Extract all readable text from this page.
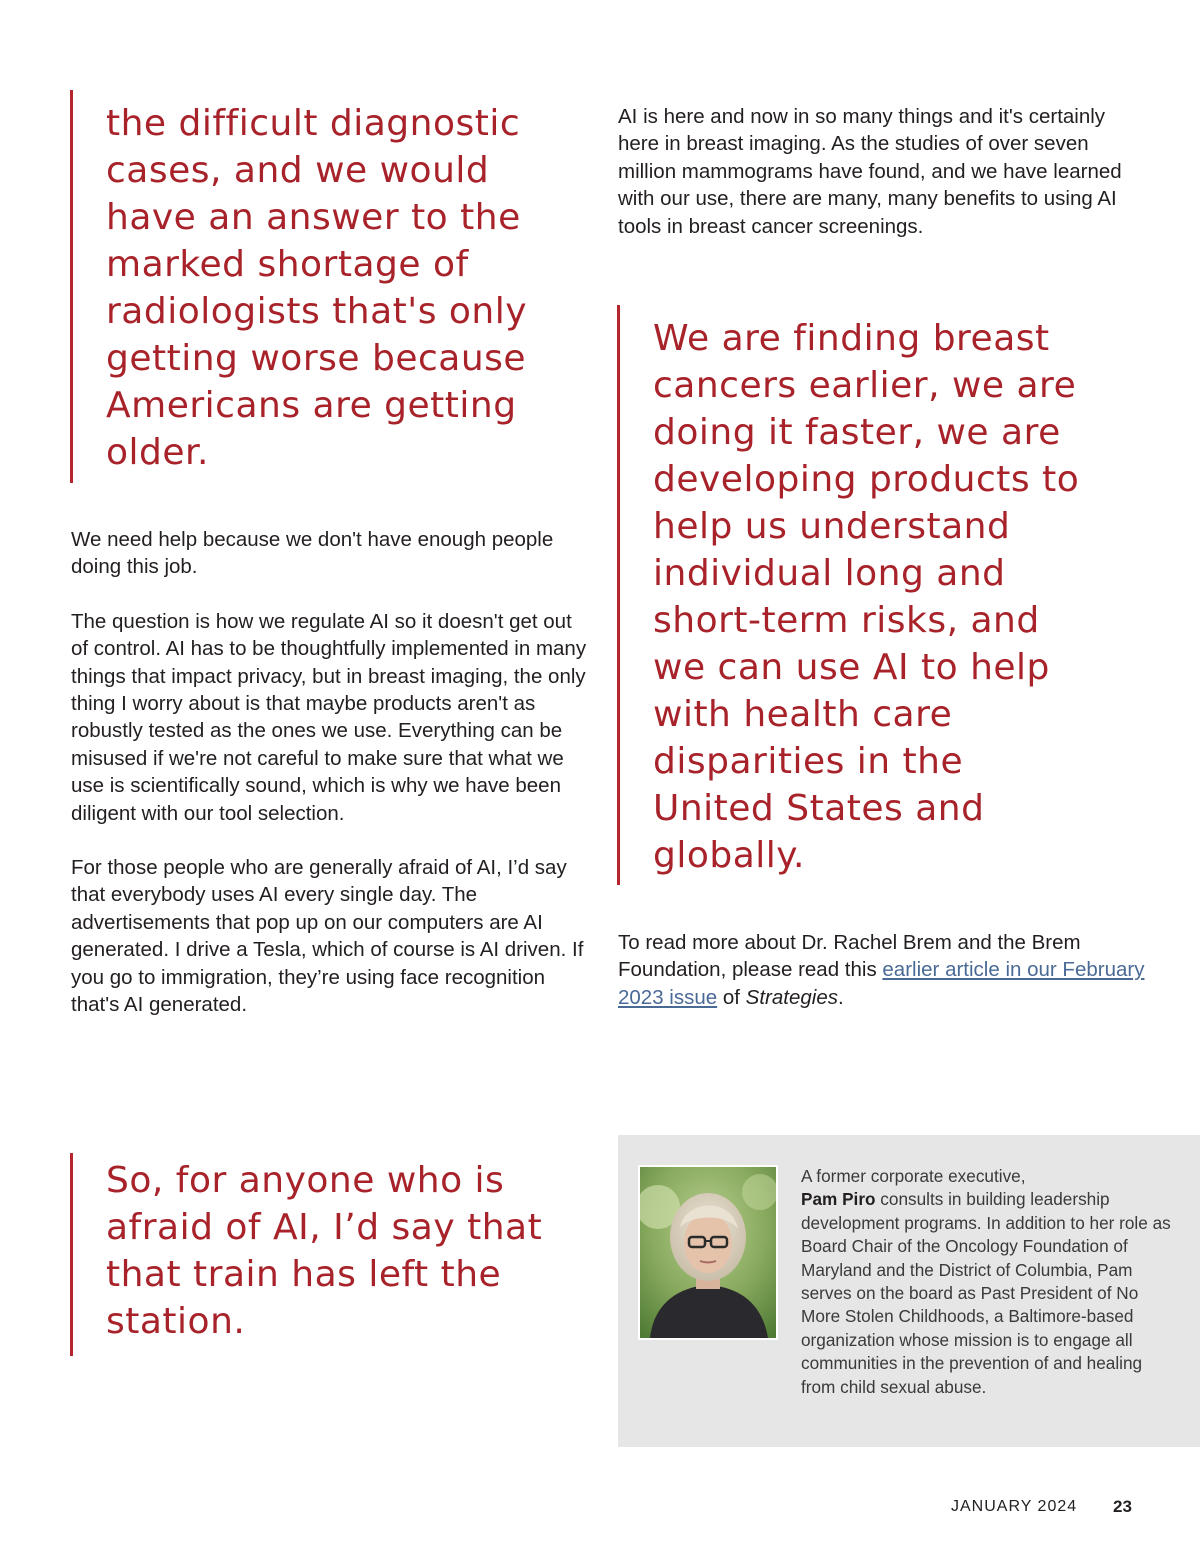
the difficult diagnostic cases, and we would have an answer to the marked shortage of radiologists that's only getting worse because Americans are getting older.

We need help because we don't have enough people doing this job.

The question is how we regulate AI so it doesn't get out of control. AI has to be thoughtfully implemented in many things that impact privacy, but in breast imaging, the only thing I worry about is that maybe products aren't as robustly tested as the ones we use. Everything can be misused if we're not careful to make sure that what we use is scientifically sound, which is why we have been diligent with our tool selection.

For those people who are generally afraid of AI, I’d say that everybody uses AI every single day. The advertisements that pop up on our computers are AI generated. I drive a Tesla, which of course is AI driven. If you go to immigration, they’re using face recognition that's AI generated.

So, for anyone who is afraid of AI, I’d say that that train has left the station.

AI is here and now in so many things and it's certainly here in breast imaging. As the studies of over seven million mammograms have found, and we have learned with our use, there are many, many benefits to using AI tools in breast cancer screenings.

We are finding breast cancers earlier, we are doing it faster, we are developing products to help us understand individual long and short-term risks, and we can use AI to help with health care disparities in the United States and globally.

To read more about Dr. Rachel Brem and the Brem Foundation, please read this earlier article in our February 2023 issue of Strategies.

A former corporate executive,
Pam Piro consults in building leadership development programs. In addition to her role as Board Chair of the Oncology Foundation of Maryland and the District of Columbia, Pam serves on the board as Past President of No More Stolen Childhoods, a Baltimore-based organization whose mission is to engage all communities in the prevention of and healing from child sexual abuse.
JANUARY 2024 23
